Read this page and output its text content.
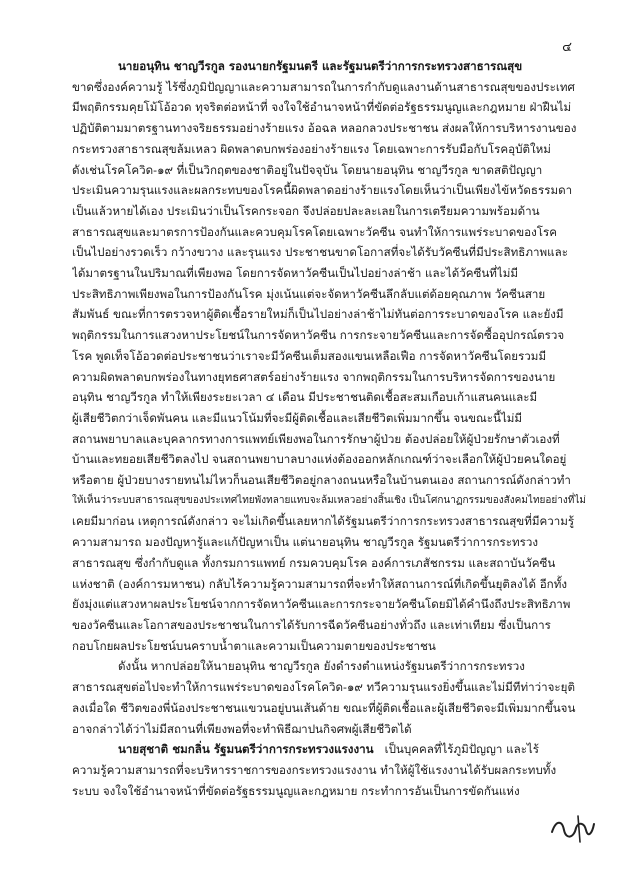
๔
นายอนุทิน ชาญวีรกูล รองนายกรัฐมนตรี และรัฐมนตรีว่าการกระทรวงสาธารณสุข
ขาดซึ่งองค์ความรู้ ไร้ซึ่งภูมิปัญญาและความสามารถในการกำกับดูแลงานด้านสาธารณสุขของประเทศ
มีพฤติกรรมคุยโม้โอ้อวด ทุจริตต่อหน้าที่ จงใจใช้อำนาจหน้าที่ขัดต่อรัฐธรรมนูญและกฎหมาย ฝ่าฝืนไม่
ปฏิบัติตามมาตรฐานทางจริยธรรมอย่างร้ายแรง อ้อฉล หลอกลวงประชาชน ส่งผลให้การบริหารงานของ
กระทรวงสาธารณสุขล้มเหลว ผิดพลาดบกพร่องอย่างร้ายแรง โดยเฉพาะการรับมือกับโรคอุบัติใหม่
ดังเช่นโรคโควิด-๑๙ ที่เป็นวิกฤตของชาติอยู่ในปัจจุบัน โดยนายอนุทิน ชาญวีรกูล ขาดสติปัญญา
ประเมินความรุนแรงและผลกระทบของโรคนี้ผิดพลาดอย่างร้ายแรงโดยเห็นว่าเป็นเพียงไข้หวัดธรรมดา
เป็นแล้วหายได้เอง ประเมินว่าเป็นโรคกระจอก จึงปล่อยปละละเลยในการเตรียมความพร้อมด้าน
สาธารณสุขและมาตรการป้องกันและควบคุมโรคโดยเฉพาะวัคซีน จนทำให้การแพร่ระบาดของโรค
เป็นไปอย่างรวดเร็ว กว้างขวาง และรุนแรง ประชาชนขาดโอกาสที่จะได้รับวัคซีนที่มีประสิทธิภาพและ
ได้มาตรฐานในปริมาณที่เพียงพอ โดยการจัดหาวัคซีนเป็นไปอย่างล่าช้า และได้วัคซีนที่ไม่มี
ประสิทธิภาพเพียงพอในการป้องกันโรค มุ่งเน้นแต่จะจัดหาวัคซีนลึกลับแต่ด้อยคุณภาพ วัคซีนสาย
สัมพันธ์ ขณะที่การตรวจหาผู้ติดเชื้อรายใหม่ก็เป็นไปอย่างล่าช้าไม่ทันต่อการระบาดของโรค และยังมี
พฤติกรรมในการแสวงหาประโยชน์ในการจัดหาวัคซีน การกระจายวัคซีนและการจัดซื้ออุปกรณ์ตรวจ
โรค พูดเท็จโอ้อวดต่อประชาชนว่าเราจะมีวัคซีนเต็มสองแขนเหลือเฟือ การจัดหาวัคซีนโดยรวมมี
ความผิดพลาดบกพร่องในทางยุทธศาสตร์อย่างร้ายแรง จากพฤติกรรมในการบริหารจัดการของนาย
อนุทิน ชาญวีรกูล ทำให้เพียงระยะเวลา ๔ เดือน มีประชาชนติดเชื้อสะสมเกือบเก้าแสนคนและมี
ผู้เสียชีวิตกว่าเจ็ดพันคน และมีแนวโน้มที่จะมีผู้ติดเชื้อและเสียชีวิตเพิ่มมากขึ้น จนขณะนี้ไม่มี
สถานพยาบาลและบุคลากรทางการแพทย์เพียงพอในการรักษาผู้ป่วย ต้องปล่อยให้ผู้ป่วยรักษาตัวเองที่
บ้านและทยอยเสียชีวิตลงไป จนสถานพยาบาลบางแห่งต้องออกหลักเกณฑ์ว่าจะเลือกให้ผู้ป่วยคนใดอยู่
หรือตาย ผู้ป่วยบางรายทนไม่ไหวก็นอนเสียชีวิตอยู่กลางถนนหรือในบ้านตนเอง สถานการณ์ดังกล่าวทำ
ให้เห็นว่าระบบสาธารณสุขของประเทศไทยพังทลายแทบจะล้มเหลวอย่างสิ้นเชิง เป็นโศกนาฏกรรมของสังคมไทยอย่างที่ไม่
เคยมีมาก่อน เหตุการณ์ดังกล่าว จะไม่เกิดขึ้นเลยหากได้รัฐมนตรีว่าการกระทรวงสาธารณสุขที่มีความรู้
ความสามารถ มองปัญหารู้และแก้ปัญหาเป็น แต่นายอนุทิน ชาญวีรกูล รัฐมนตรีว่าการกระทรวง
สาธารณสุข ซึ่งกำกับดูแล ทั้งกรมการแพทย์ กรมควบคุมโรค องค์การเภสัชกรรม และสถาบันวัคซีน
แห่งชาติ (องค์การมหาชน) กลับไร้ความรู้ความสามารถที่จะทำให้สถานการณ์ที่เกิดขึ้นยุติลงได้ อีกทั้ง
ยังมุ่งแต่แสวงหาผลประโยชน์จากการจัดหาวัคซีนและการกระจายวัคซีนโดยมิได้คำนึงถึงประสิทธิภาพ
ของวัคซีนและโอกาสของประชาชนในการได้รับการฉีดวัคซีนอย่างทั่วถึง และเท่าเทียม ซึ่งเป็นการ
กอบโกยผลประโยชน์บนคราบน้ำตาและความเป็นความตายของประชาชน
ดังนั้น หากปล่อยให้นายอนุทิน ชาญวีรกูล ยังดำรงตำแหน่งรัฐมนตรีว่าการกระทรวง
สาธารณสุขต่อไปจะทำให้การแพร่ระบาดของโรคโควิด-๑๙ ทวีความรุนแรงยิ่งขึ้นและไม่มีทีท่าว่าจะยุติ
ลงเมื่อใด ชีวิตของพี่น้องประชาชนแขวนอยู่บนเส้นด้าย ขณะที่ผู้ติดเชื้อและผู้เสียชีวิตจะมีเพิ่มมากขึ้นจน
อาจกล่าวได้ว่าไม่มีสถานที่เพียงพอที่จะทำพิธีฌาปนกิจศพผู้เสียชีวิตได้
นายสุชาติ ชมกลิ่น รัฐมนตรีว่าการกระทรวงแรงงาน เป็นบุคคลที่ไร้ภูมิปัญญา และไร้
ความรู้ความสามารถที่จะบริหารราชการของกระทรวงแรงงาน ทำให้ผู้ใช้แรงงานได้รับผลกระทบทั้ง
ระบบ จงใจใช้อำนาจหน้าที่ขัดต่อรัฐธรรมนูญและกฎหมาย กระทำการอันเป็นการขัดกันแห่ง
